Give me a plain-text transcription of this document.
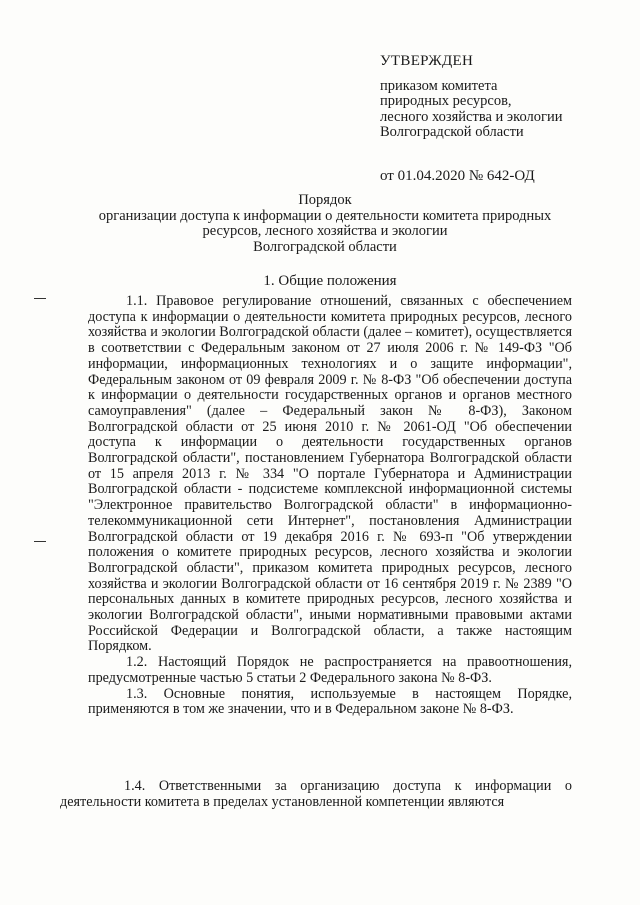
УТВЕРЖДЕН
приказом комитета
природных ресурсов,
лесного хозяйства и экологии
Волгоградской области
от 01.04.2020 № 642-ОД
Порядок
организации доступа к информации о деятельности комитета природных
ресурсов, лесного хозяйства и экологии
Волгоградской области
1. Общие положения

1.1. Правовое регулирование отношений, связанных с обеспечением доступа к информации о деятельности комитета природных ресурсов, лесного хозяйства и экологии Волгоградской области (далее – комитет), осуществляется в соответствии с Федеральным законом от 27 июля 2006 г. № 149-ФЗ "Об информации, информационных технологиях и о защите информации", Федеральным законом от 09 февраля 2009 г. № 8-ФЗ "Об обеспечении доступа к информации о деятельности государственных органов и органов местного самоуправления" (далее – Федеральный закон № 8-ФЗ), Законом Волгоградской области от 25 июня 2010 г. № 2061-ОД "Об обеспечении доступа к информации о деятельности государственных органов Волгоградской области", постановлением Губернатора Волгоградской области от 15 апреля 2013 г. № 334 "О портале Губернатора и Администрации Волгоградской области - подсистеме комплексной информационной системы "Электронное правительство Волгоградской области" в информационно-телекоммуникационной сети Интернет", постановления Администрации Волгоградской области от 19 декабря 2016 г. № 693-п "Об утверждении положения о комитете природных ресурсов, лесного хозяйства и экологии Волгоградской области", приказом комитета природных ресурсов, лесного хозяйства и экологии Волгоградской области от 16 сентября 2019 г. № 2389 "О персональных данных в комитете природных ресурсов, лесного хозяйства и экологии Волгоградской области", иными нормативными правовыми актами Российской Федерации и Волгоградской области, а также настоящим Порядком.

1.2. Настоящий Порядок не распространяется на правоотношения, предусмотренные частью 5 статьи 2 Федерального закона № 8-ФЗ.

1.3. Основные понятия, используемые в настоящем Порядке, применяются в том же значении, что и в Федеральном законе № 8-ФЗ.

1.4. Ответственными за организацию доступа к информации о деятельности комитета в пределах установленной компетенции являются
